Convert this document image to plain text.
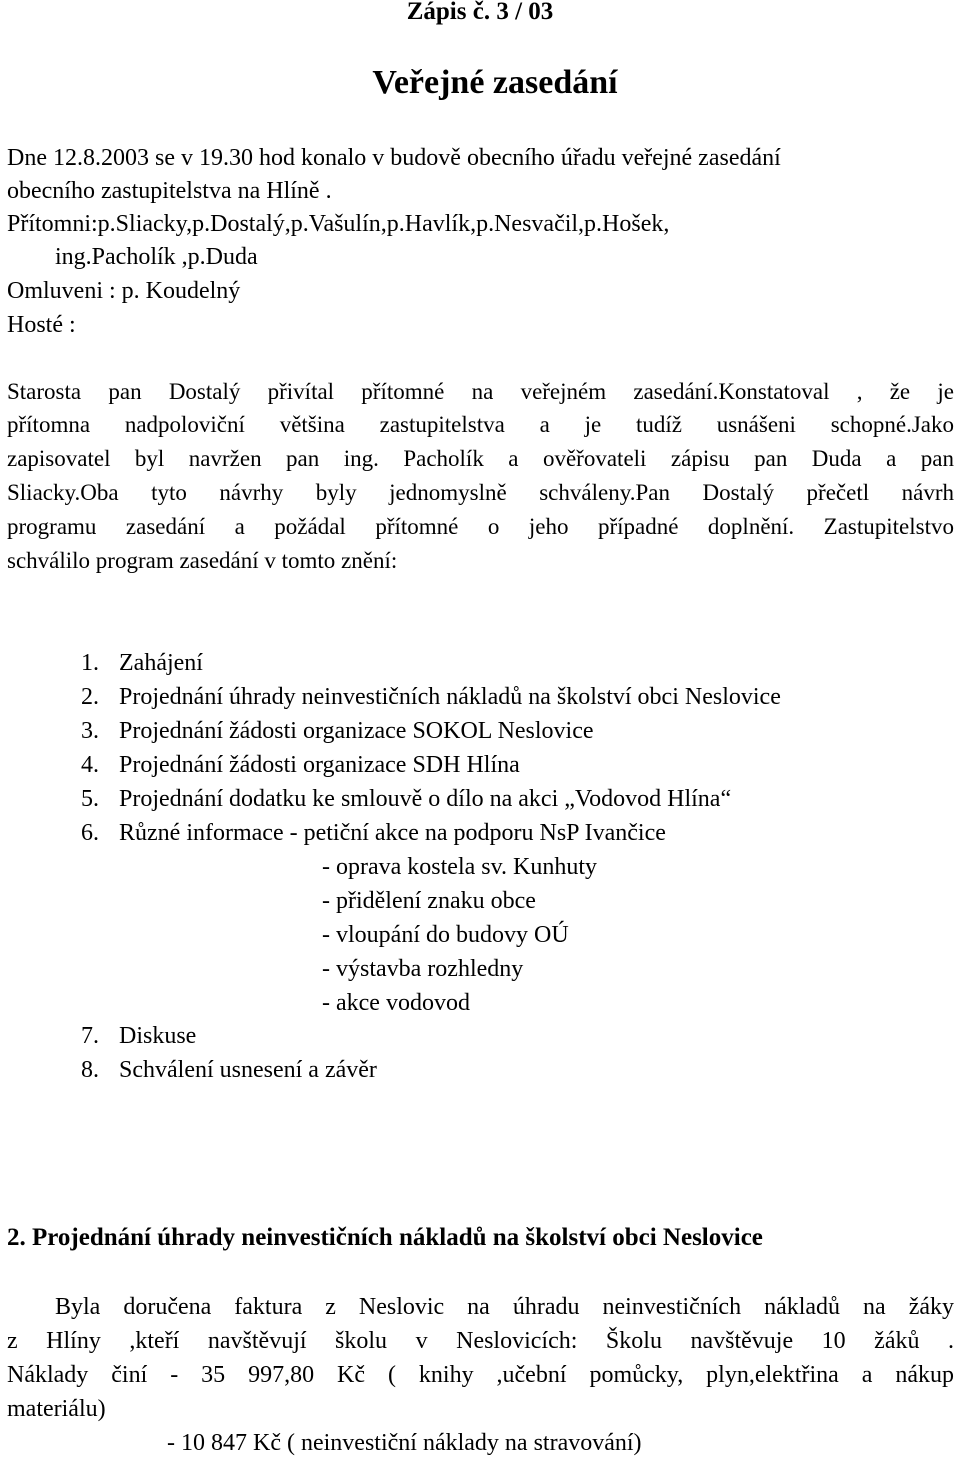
Zápis č. 3 / 03
Veřejné zasedání
Dne 12.8.2003 se v 19.30 hod konalo v budově obecního úřadu veřejné zasedání
obecního zastupitelstva na Hlíně .
Přítomni:p.Sliacky,p.Dostalý,p.Vašulín,p.Havlík,p.Nesvačil,p.Hošek,
ing.Pacholík ,p.Duda
Omluveni : p. Koudelný
Hosté :
Starosta pan Dostalý přivítal přítomné na veřejném zasedání.Konstatoval , že je
přítomna nadpoloviční většina zastupitelstva a je tudíž usnášeni schopné.Jako
zapisovatel byl navržen pan ing. Pacholík a ověřovateli zápisu pan Duda a pan
Sliacky.Oba tyto návrhy byly jednomyslně schváleny.Pan Dostalý přečetl návrh
programu zasedání a požádal přítomné o jeho případné doplnění. Zastupitelstvo
schválilo program zasedání v tomto znění:
1. Zahájení
2. Projednání úhrady neinvestičních nákladů na školství obci Neslovice
3. Projednání žádosti organizace SOKOL Neslovice
4. Projednání žádosti organizace SDH Hlína
5. Projednání dodatku ke smlouvě o dílo na akci „Vodovod Hlína“
6. Různé informace - petiční akce na podporu NsP Ivančice
- oprava kostela sv. Kunhuty
- přidělení znaku obce
- vloupání do budovy OÚ
- výstavba rozhledny
- akce vodovod
7. Diskuse
8. Schválení usnesení a závěr
2. Projednání úhrady neinvestičních nákladů na školství obci Neslovice
Byla doručena faktura z Neslovic na úhradu neinvestičních nákladů na žáky
z Hlíny ,kteří navštěvují školu v Neslovicích: Školu navštěvuje 10 žáků .
Náklady činí - 35 997,80 Kč ( knihy ,učební pomůcky, plyn,elektřina a nákup
materiálu)
- 10 847 Kč ( neinvestiční náklady na stravování)
